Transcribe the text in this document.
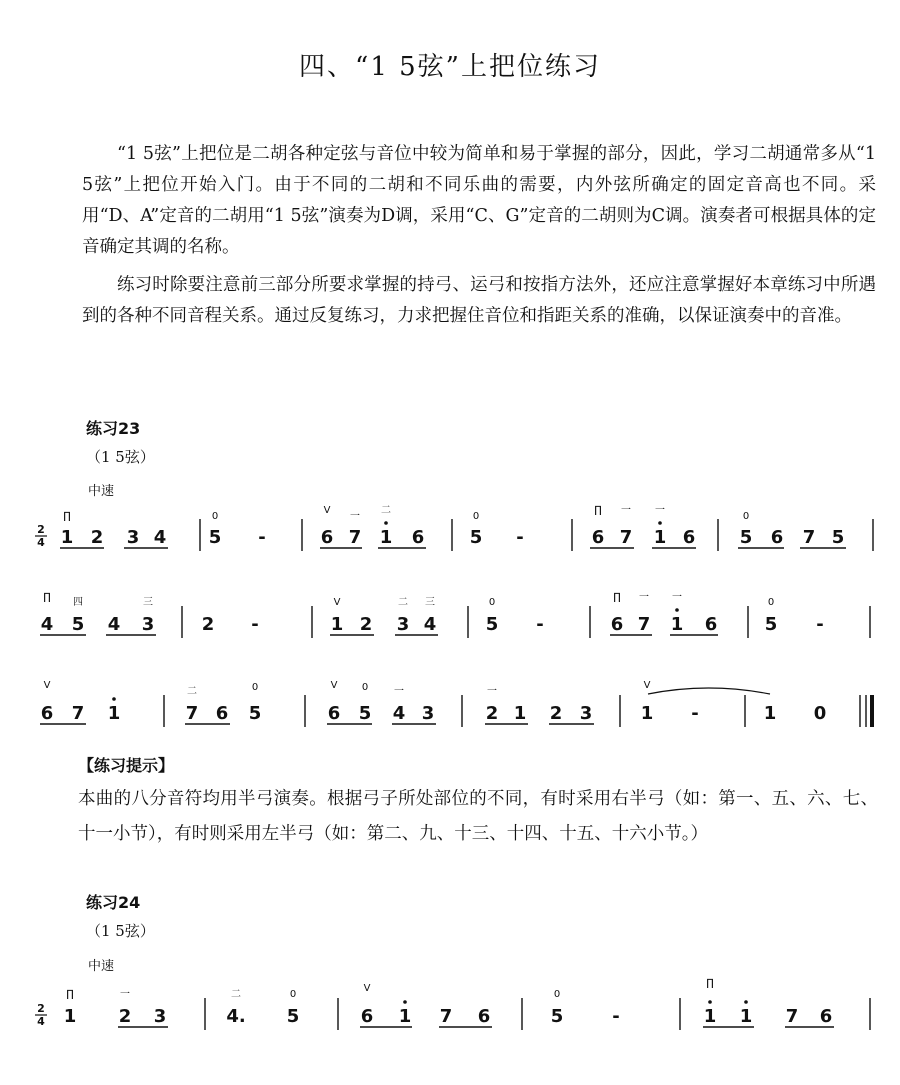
四、“1 5弦”上把位练习
“1 5弦”上把位是二胡各种定弦与音位中较为简单和易于掌握的部分，因此，学习二胡通常多从“1 5弦”上把位开始入门。由于不同的二胡和不同乐曲的需要，内外弦所确定的固定音高也不同。采用“D、A”定音的二胡用“1 5弦”演奏为D调，采用“C、G”定音的二胡则为C调。演奏者可根据具体的定音确定其调的名称。
练习时除要注意前三部分所要求掌握的持弓、运弓和按指方法外，还应注意掌握好本章练习中所遇到的各种不同音程关系。通过反复练习，力求把握住音位和指距关系的准确，以保证演奏中的音准。
练习23
（1 5弦）
中速
【练习提示】
本曲的八分音符均用半弓演奏。根据弓子所处部位的不同，有时采用右半弓（如：第一、五、六、七、十一小节），有时则采用左半弓（如：第二、九、十三、十四、十五、十六小节。）
练习24
（1 5弦）
中速
2
4 1 2 3 4 5 -	6 7 1 6	5 -	6 7 1 6 5 6 7 5
4 5 4 3	2 -	1 2 3 4	5 -	6 7 1 6	5 -
6 7 1	7 6 5	6 5 4 3	2 1 2 3	1 -	1 0
2
4 1 2 3	4. 5	6 1 7 6	5	-	1 1 7 6
∏	0
V
一
二
0
∏ 一 一
0
∏ 四	三	V	二 三	0	∏ 一 一	0
V
二	0	V 0	一	一
V
∏	一	二	0
V
0
∏
